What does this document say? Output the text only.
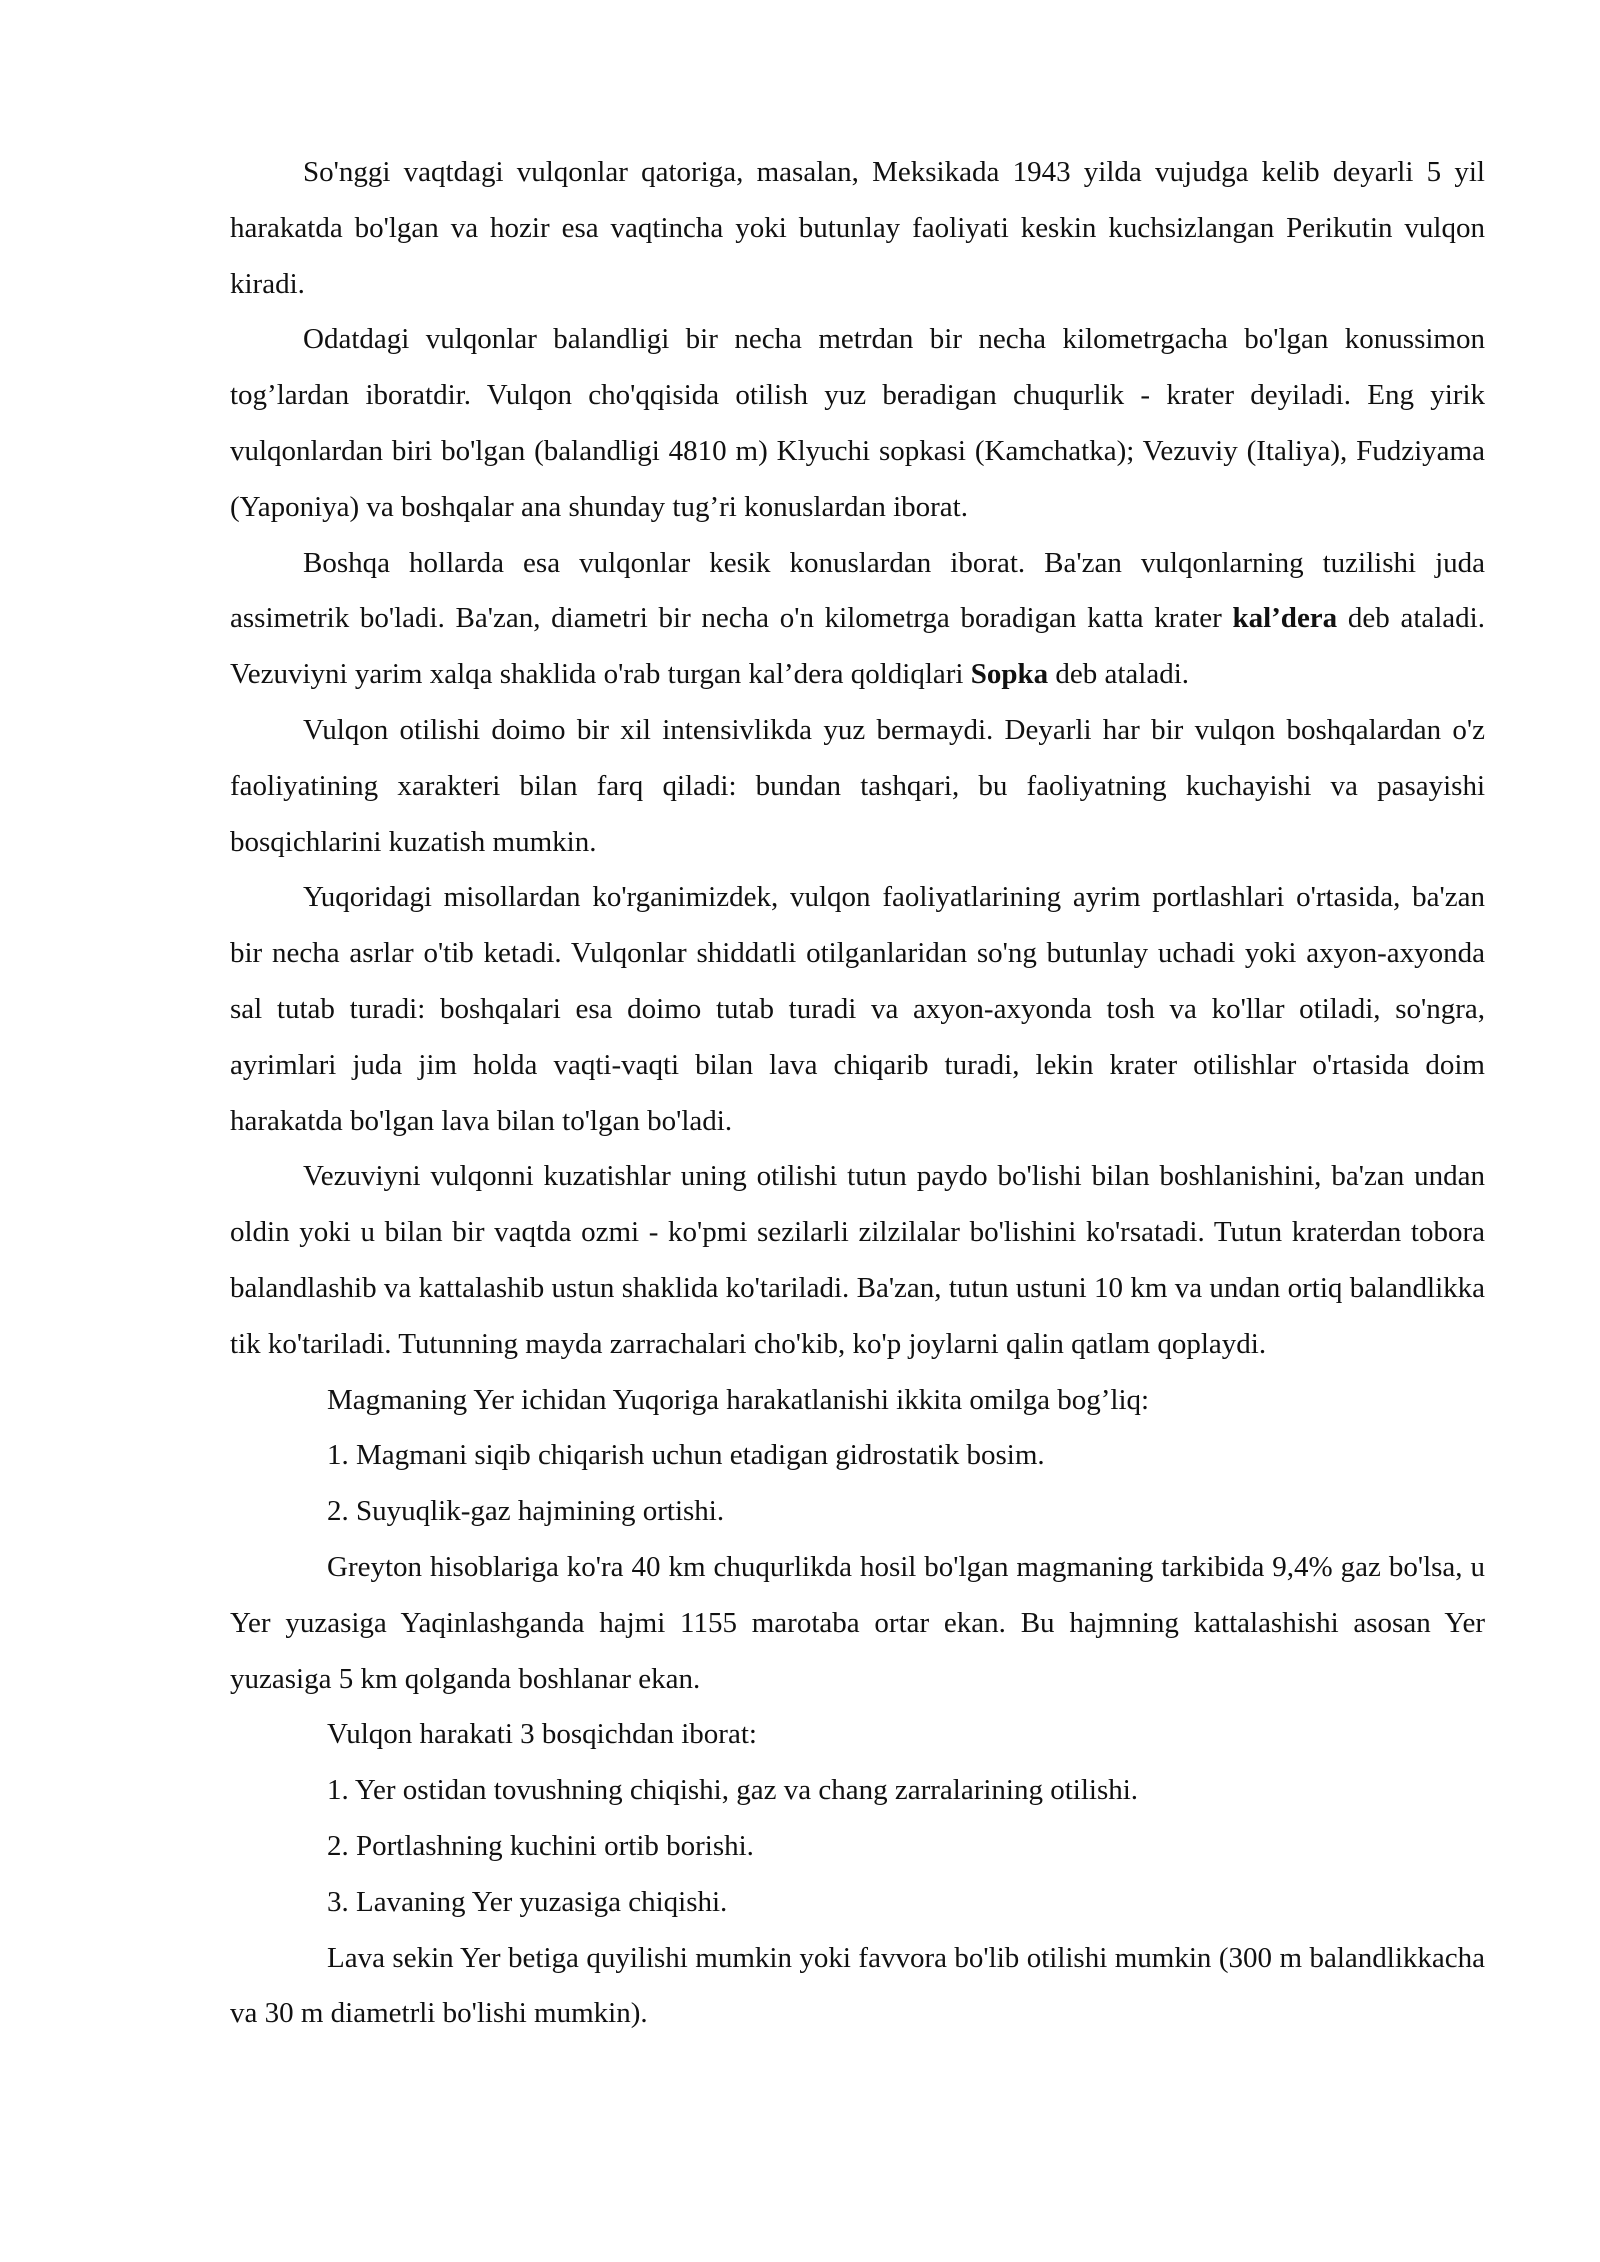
So'nggi vaqtdagi vulqonlar qatoriga, masalan, Meksikada 1943 yilda vujudga kelib deyarli 5 yil harakatda bo'lgan va hozir esa vaqtincha yoki butunlay faoliyati keskin kuchsizlangan Perikutin vulqon kiradi.

Odatdagi vulqonlar balandligi bir necha metrdan bir necha kilometrgacha bo'lgan konussimon tog’lardan iboratdir. Vulqon cho'qqisida otilish yuz beradigan chuqurlik - krater deyiladi. Eng yirik vulqonlardan biri bo'lgan (balandligi 4810 m) Klyuchi sopkasi (Kamchatka); Vezuviy (Italiya), Fudziyama (Yaponiya) va boshqalar ana shunday tug’ri konuslardan iborat.

Boshqa hollarda esa vulqonlar kesik konuslardan iborat. Ba'zan vulqonlarning tuzilishi juda assimetrik bo'ladi. Ba'zan, diametri bir necha o'n kilometrga boradigan katta krater kal’dera deb ataladi. Vezuviyni yarim xalqa shaklida o'rab turgan kal’dera qoldiqlari Sopka deb ataladi.

Vulqon otilishi doimo bir xil intensivlikda yuz bermaydi. Deyarli har bir vulqon boshqalardan o'z faoliyatining xarakteri bilan farq qiladi: bundan tashqari, bu faoliyatning kuchayishi va pasayishi bosqichlarini kuzatish mumkin.

Yuqoridagi misollardan ko'rganimizdek, vulqon faoliyatlarining ayrim portlashlari o'rtasida, ba'zan bir necha asrlar o'tib ketadi. Vulqonlar shiddatli otilganlaridan so'ng butunlay uchadi yoki axyon-axyonda sal tutab turadi: boshqalari esa doimo tutab turadi va axyon-axyonda tosh va ko'llar otiladi, so'ngra, ayrimlari juda jim holda vaqti-vaqti bilan lava chiqarib turadi, lekin krater otilishlar o'rtasida doim harakatda bo'lgan lava bilan to'lgan bo'ladi.

Vezuviyni vulqonni kuzatishlar uning otilishi tutun paydo bo'lishi bilan boshlanishini, ba'zan undan oldin yoki u bilan bir vaqtda ozmi - ko'pmi sezilarli zilzilalar bo'lishini ko'rsatadi. Tutun kraterdan tobora balandlashib va kattalashib ustun shaklida ko'tariladi. Ba'zan, tutun ustuni 10 km va undan ortiq balandlikka tik ko'tariladi. Tutunning mayda zarrachalari cho'kib, ko'p joylarni qalin qatlam qoplaydi.

Magmaning Yer ichidan Yuqoriga harakatlanishi ikkita omilga bog’liq:

1. Magmani siqib chiqarish uchun etadigan gidrostatik bosim.

2. Suyuqlik-gaz hajmining ortishi.

Greyton hisoblariga ko'ra 40 km chuqurlikda hosil bo'lgan magmaning tarkibida 9,4% gaz bo'lsa, u Yer yuzasiga Yaqinlashganda hajmi 1155 marotaba ortar ekan. Bu hajmning kattalashishi asosan Yer yuzasiga 5 km qolganda boshlanar ekan.

Vulqon harakati 3 bosqichdan iborat:

1. Yer ostidan tovushning chiqishi, gaz va chang zarralarining otilishi.

2. Portlashning kuchini ortib borishi.

3. Lavaning Yer yuzasiga chiqishi.

Lava sekin Yer betiga quyilishi mumkin yoki favvora bo'lib otilishi mumkin (300 m balandlikkacha va 30 m diametrli bo'lishi mumkin).
